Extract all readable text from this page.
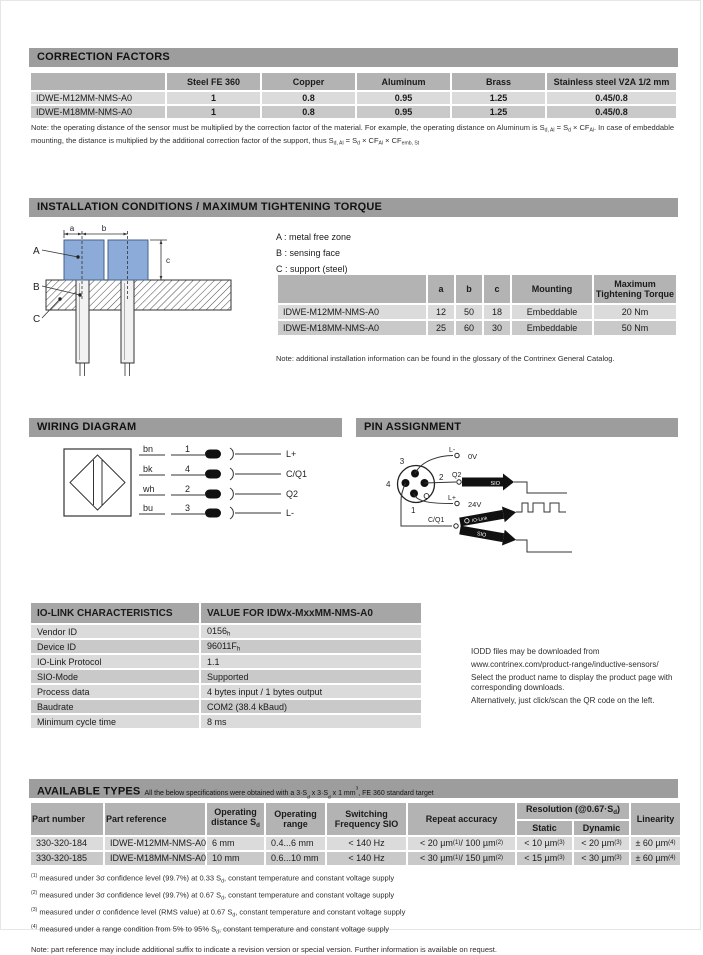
CORRECTION FACTORS
	Steel FE 360	Copper	Aluminum	Brass	Stainless steel V2A 1/2 mm
IDWE-M12MM-NMS-A0	1	0.8	0.95	1.25	0.45/0.8
IDWE-M18MM-NMS-A0	1	0.8	0.95	1.25	0.45/0.8
Note: the operating distance of the sensor must be multiplied by the correction factor of the material. For example, the operating distance on Aluminum is $S_{d, Al} = S_d \times CF_{Al}$. In case of embeddable mounting, the distance is multiplied by the additional correction factor of the support, thus $S_{d, Al} = S_d \times CF_{Al} \times CF_{emb, St}$
INSTALLATION CONDITIONS / MAXIMUM TIGHTENING TORQUE
a	b
c
A
B
C
A : metal free zone
B : sensing face
C : support (steel)
	a	b	c	Mounting	Maximum Tightening Torque
IDWE-M12MM-NMS-A0	12	50	18	Embeddable	20 Nm
IDWE-M18MM-NMS-A0	25	60	30	Embeddable	50 Nm
Note: additional installation information can be found in the glossary of the Contrinex General Catalog.
WIRING DIAGRAM
bn	1	L+
bk	4	C/Q1
wh	2	Q2
bu	3	L-
PIN ASSIGNMENT
3
2
4
1
L-
0V
Q2
SIO
L+
24V
C/Q1	IO-Link
SIO
IO-LINK CHARACTERISTICS	VALUE FOR IDWx-MxxMM-NMS-A0
Vendor ID	$0156_h$
Device ID	$96011F_h$
IO-Link Protocol	1.1
SIO-Mode	Supported
Process data	4 bytes input / 1 bytes output
Baudrate	COM2 (38.4 kBaud)
Minimum cycle time	8 ms

IODD files may be downloaded from

www.contrinex.com/product-range/inductive-sensors/

Select the product name to display the product page with corresponding downloads.

Alternatively, just click/scan the QR code on the left.

AVAILABLE TYPES All the below specifications were obtained with a $3\cdot S_d$ x $3\cdot S_d$ x 1 $mm^3$, FE 360 standard target
Part number	Part reference	Operating distance $S_d$	Operating range	Switching Frequency SIO	Repeat accuracy	Resolution $(@0.67\cdot S_d)$		Linearity
						Static	Dynamic	
330-320-184	IDWE-M12MM-NMS-A0	6 mm	0.4...6 mm	< 140 Hz	< 20 µm$^{(1)}$/ 100 µm$^{(2)}$	< 10 µm$^{(3)}$	< 20 µm$^{(3)}$	± 60 µm$^{(4)}$
330-320-185	IDWE-M18MM-NMS-A0	10 mm	0.6...10 mm	< 140 Hz	< 30 µm$^{(1)}$/ 150 µm$^{(2)}$	< 15 µm$^{(3)}$	< 30 µm$^{(3)}$	± 60 µm$^{(4)}$
$^{(1)}$ measured under 3σ confidence level (99.7%) at 0.33 $S_d$, constant temperature and constant voltage supply
$^{(2)}$ measured under 3σ confidence level (99.7%) at 0.67 $S_d$, constant temperature and constant voltage supply
$^{(3)}$ measured under σ confidence level (RMS value) at 0.67 $S_d$, constant temperature and constant voltage supply
$^{(4)}$ measured under a range condition from 5% to 95% $S_d$, constant temperature and constant voltage supply
Note: part reference may include additional suffix to indicate a revision version or special version. Further information is available on request.
